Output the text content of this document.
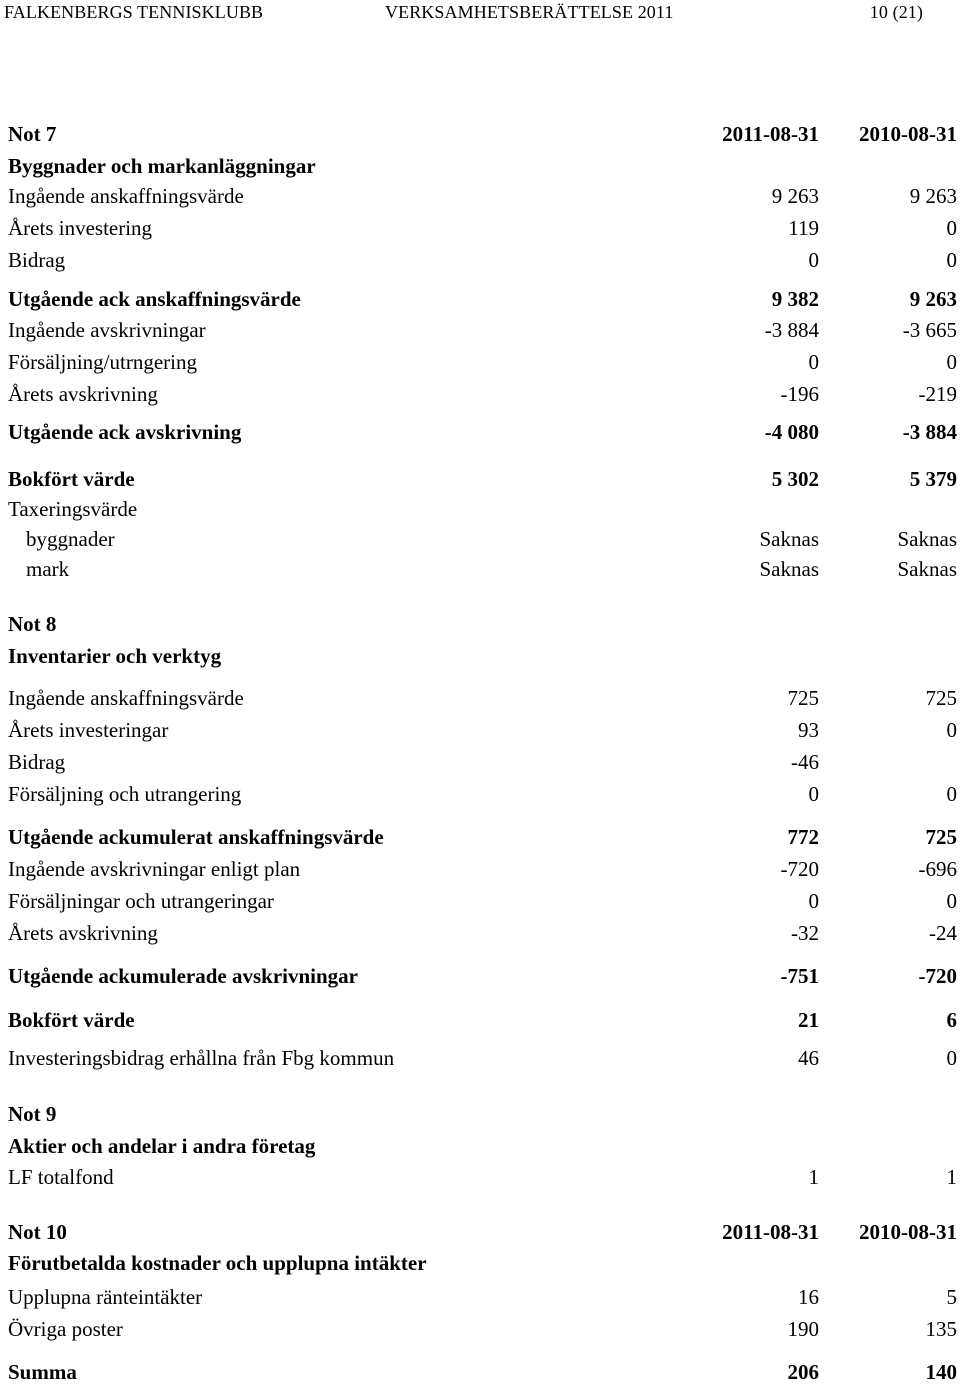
FALKENBERGS TENNISKLUBB	VERKSAMHETSBERÄTTELSE 2011	10 (21)
Not 7	2011-08-31 2010-08-31
Byggnader och markanläggningar
Ingående anskaffningsvärde	9 263	9 263
Årets investering	119	0
Bidrag	0	0
Utgående ack anskaffningsvärde	9 382	9 263
Ingående avskrivningar	-3 884	-3 665
Försäljning/utrngering	0	0
Årets avskrivning	-196	-219
Utgående ack avskrivning	-4 080	-3 884
Bokfört värde	5 302	5 379
Taxeringsvärde
byggnader	Saknas	Saknas
mark	Saknas	Saknas
Not 8
Inventarier och verktyg
Ingående anskaffningsvärde	725	725
Årets investeringar	93	0
Bidrag	-46
Försäljning och utrangering	0	0
Utgående ackumulerat anskaffningsvärde	772	725
Ingående avskrivningar enligt plan	-720	-696
Försäljningar och utrangeringar	0	0
Årets avskrivning	-32	-24
Utgående ackumulerade avskrivningar	-751	-720
Bokfört värde	21	6
Investeringsbidrag erhållna från Fbg kommun	46	0
Not 9
Aktier och andelar i andra företag
LF totalfond	1	1
Not 10	2011-08-31 2010-08-31
Förutbetalda kostnader och upplupna intäkter
Upplupna ränteintäkter	16	5
Övriga poster	190	135
Summa	206	140
